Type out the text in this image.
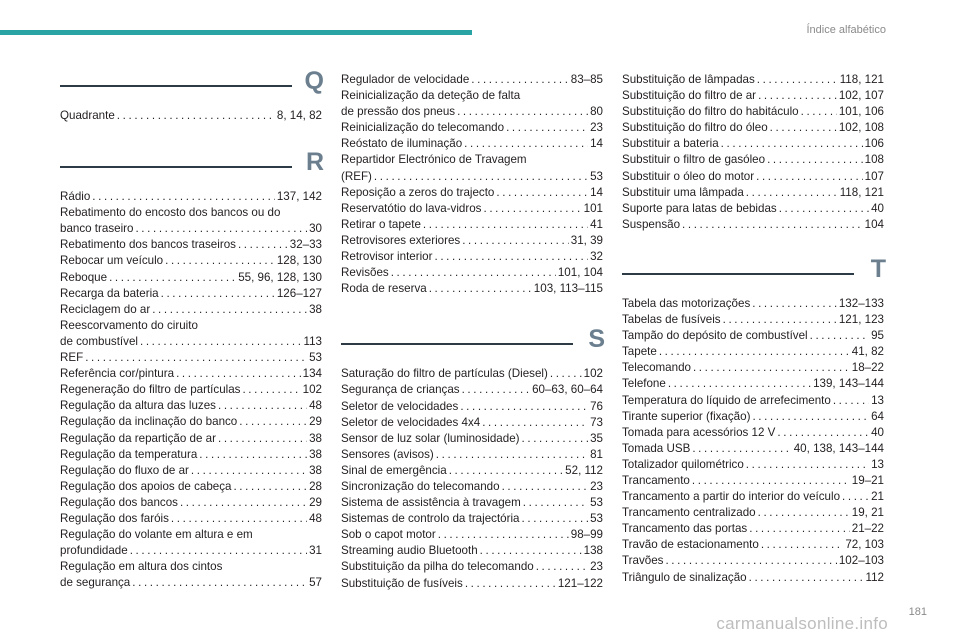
Índice alfabético
Q
Quadrante . . .	8, 14, 82
R
Rádio . . .	137, 142
Rebatimento do encosto dos bancos ou do
banco traseiro . . .	30
Rebatimento dos bancos traseiros . . .	32–33
Rebocar um veículo . . .	128, 130
Reboque . . .	55, 96, 128, 130
Recarga da bateria . . .	126–127
Reciclagem do ar . . .	38
Reescorvamento do ciruito
de combustível . . .	113
REF . . .	53
Referência cor/pintura . . .	134
Regeneração do filtro de partículas . . .	102
Regulação da altura das luzes . . .	48
Regulação da inclinação do banco . . .	29
Regulação da repartição de ar . . .	38
Regulação da temperatura . . .	38
Regulação do fluxo de ar . . .	38
Regulação dos apoios de cabeça . . .	28
Regulação dos bancos . . .	29
Regulação dos faróis . . .	48
Regulação do volante em altura e em
profundidade . . .	31
Regulação em altura dos cintos
de segurança . . .	57
Regulador de velocidade . . .	83–85
Reinicialização da deteção de falta
de pressão dos pneus . . .	80
Reinicialização do telecomando . . .	23
Reóstato de iluminação . . .	14
Repartidor Electrónico de Travagem
(REF) . . .	53
Reposição a zeros do trajecto . . .	14
Reservatótio do lava-vidros . . .	101
Retirar o tapete . . .	41
Retrovisores exteriores . . .	31, 39
Retrovisor interior . . .	32
Revisões . . .	101, 104
Roda de reserva . . .	103, 113–115
S
Saturação do filtro de partículas (Diesel) . . .	102
Segurança de crianças . . .	60–63, 60–64
Seletor de velocidades . . .	76
Seletor de velocidades 4x4 . . .	73
Sensor de luz solar (luminosidade) . . .	35
Sensores (avisos) . . .	81
Sinal de emergência . . .	52, 112
Sincronização do telecomando . . .	23
Sistema de assistência à travagem . . .	53
Sistemas de controlo da trajectória . . .	53
Sob o capot motor . . .	98–99
Streaming audio Bluetooth . . .	138
Substituição da pilha do telecomando . . .	23
Substituição de fusíveis . . .	121–122
Substituição de lâmpadas . . .	118, 121
Substituição do filtro de ar . . .	102, 107
Substituição do filtro do habitáculo . . .	101, 106
Substituição do filtro do óleo . . .	102, 108
Substituir a bateria . . .	106
Substituir o filtro de gasóleo . . .	108
Substituir o óleo do motor . . .	107
Substituir uma lâmpada . . .	118, 121
Suporte para latas de bebidas . . .	40
Suspensão . . .	104
T
Tabela das motorizações . . .	132–133
Tabelas de fusíveis . . .	121, 123
Tampão do depósito de combustível . . .	95
Tapete . . .	41, 82
Telecomando . . .	18–22
Telefone . . .	139, 143–144
Temperatura do líquido de arrefecimento . . .	13
Tirante superior (fixação) . . .	64
Tomada para acessórios 12 V . . .	40
Tomada USB . . .	40, 138, 143–144
Totalizador quilométrico . . .	13
Trancamento . . .	19–21
Trancamento a partir do interior do veículo . . .	21
Trancamento centralizado . . .	19, 21
Trancamento das portas . . .	21–22
Travão de estacionamento . . .	72, 103
Travões . . .	102–103
Triângulo de sinalização . . .	112
181
carmanualsonline.info
